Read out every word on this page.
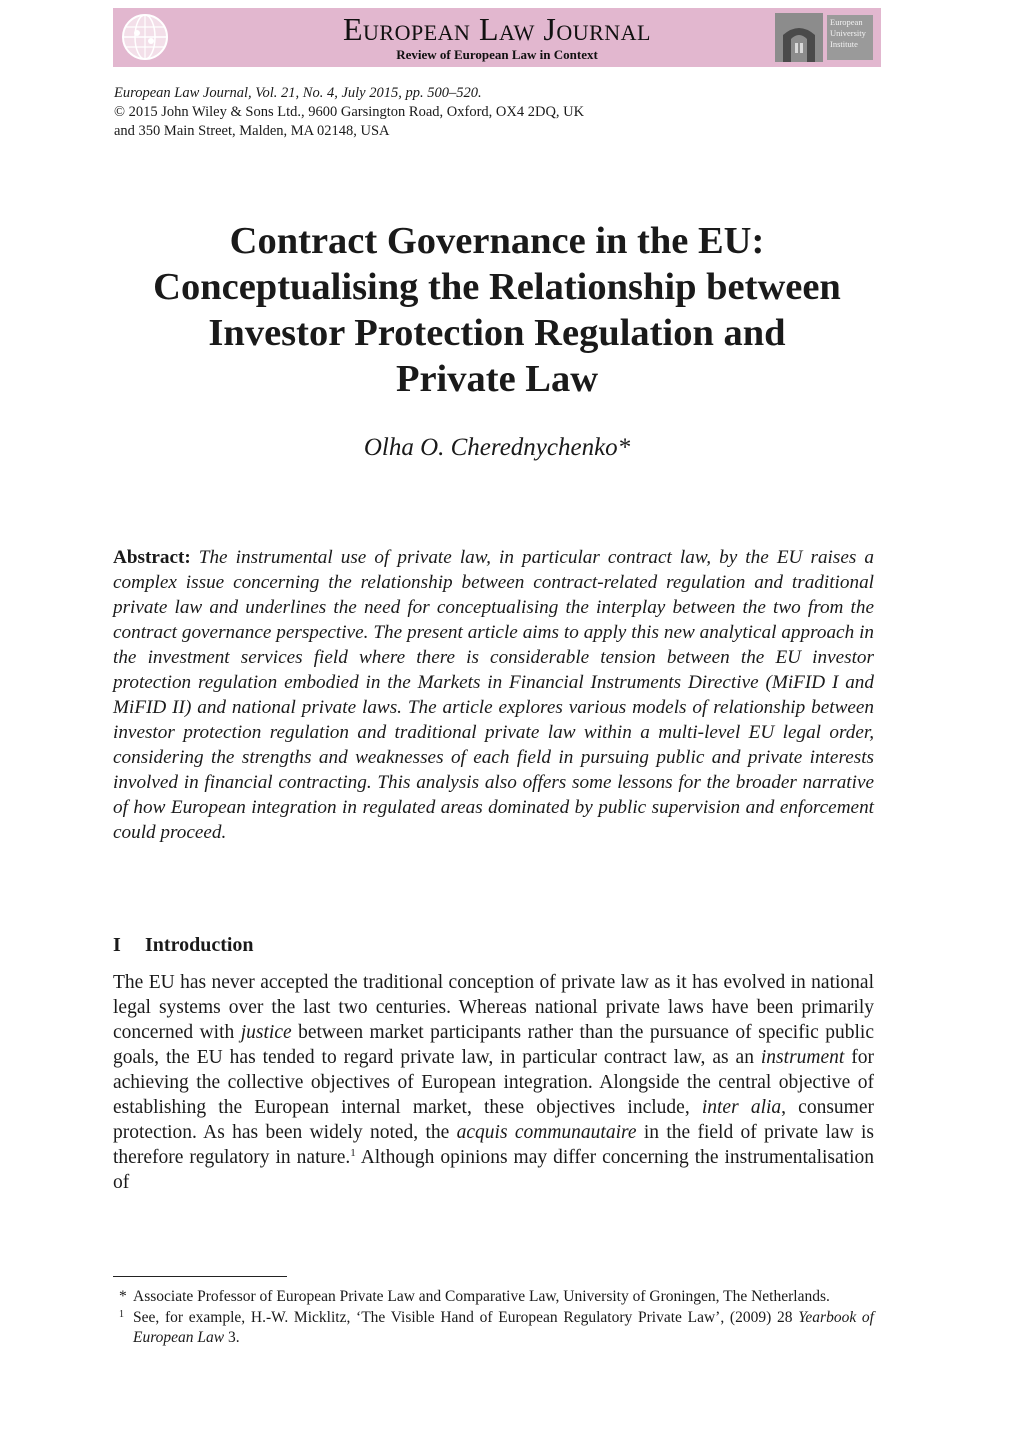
European Law Journal
Review of European Law in Context
European
University
Institute
European Law Journal, Vol. 21, No. 4, July 2015, pp. 500–520.
© 2015 John Wiley & Sons Ltd., 9600 Garsington Road, Oxford, OX4 2DQ, UK
and 350 Main Street, Malden, MA 02148, USA
Contract Governance in the EU:
Conceptualising the Relationship between
Investor Protection Regulation and
Private Law
Olha O. Cherednychenko*
Abstract: The instrumental use of private law, in particular contract law, by the EU raises a complex issue concerning the relationship between contract-related regulation and traditional private law and underlines the need for conceptualising the interplay between the two from the contract governance perspective. The present article aims to apply this new analytical approach in the investment services field where there is considerable tension between the EU investor protection regulation embodied in the Markets in Financial Instruments Directive (MiFID I and MiFID II) and national private laws. The article explores various models of relationship between investor protection regulation and traditional private law within a multi-level EU legal order, considering the strengths and weaknesses of each field in pursuing public and private interests involved in financial contracting. This analysis also offers some lessons for the broader narrative of how European integration in regulated areas dominated by public supervision and enforcement could proceed.
I Introduction

The EU has never accepted the traditional conception of private law as it has evolved in national legal systems over the last two centuries. Whereas national private laws have been primarily concerned with justice between market participants rather than the pursuance of specific public goals, the EU has tended to regard private law, in particular contract law, as an instrument for achieving the collective objectives of European integration. Alongside the central objective of establishing the European internal market, these objectives include, inter alia, consumer protection. As has been widely noted, the acquis communautaire in the field of private law is therefore regulatory in nature.$^1$ Although opinions may differ concerning the instrumentalisation of

* Associate Professor of European Private Law and Comparative Law, University of Groningen, The Netherlands.
1 See, for example, H.-W. Micklitz, ‘The Visible Hand of European Regulatory Private Law’, (2009) 28 Yearbook of European Law 3.
